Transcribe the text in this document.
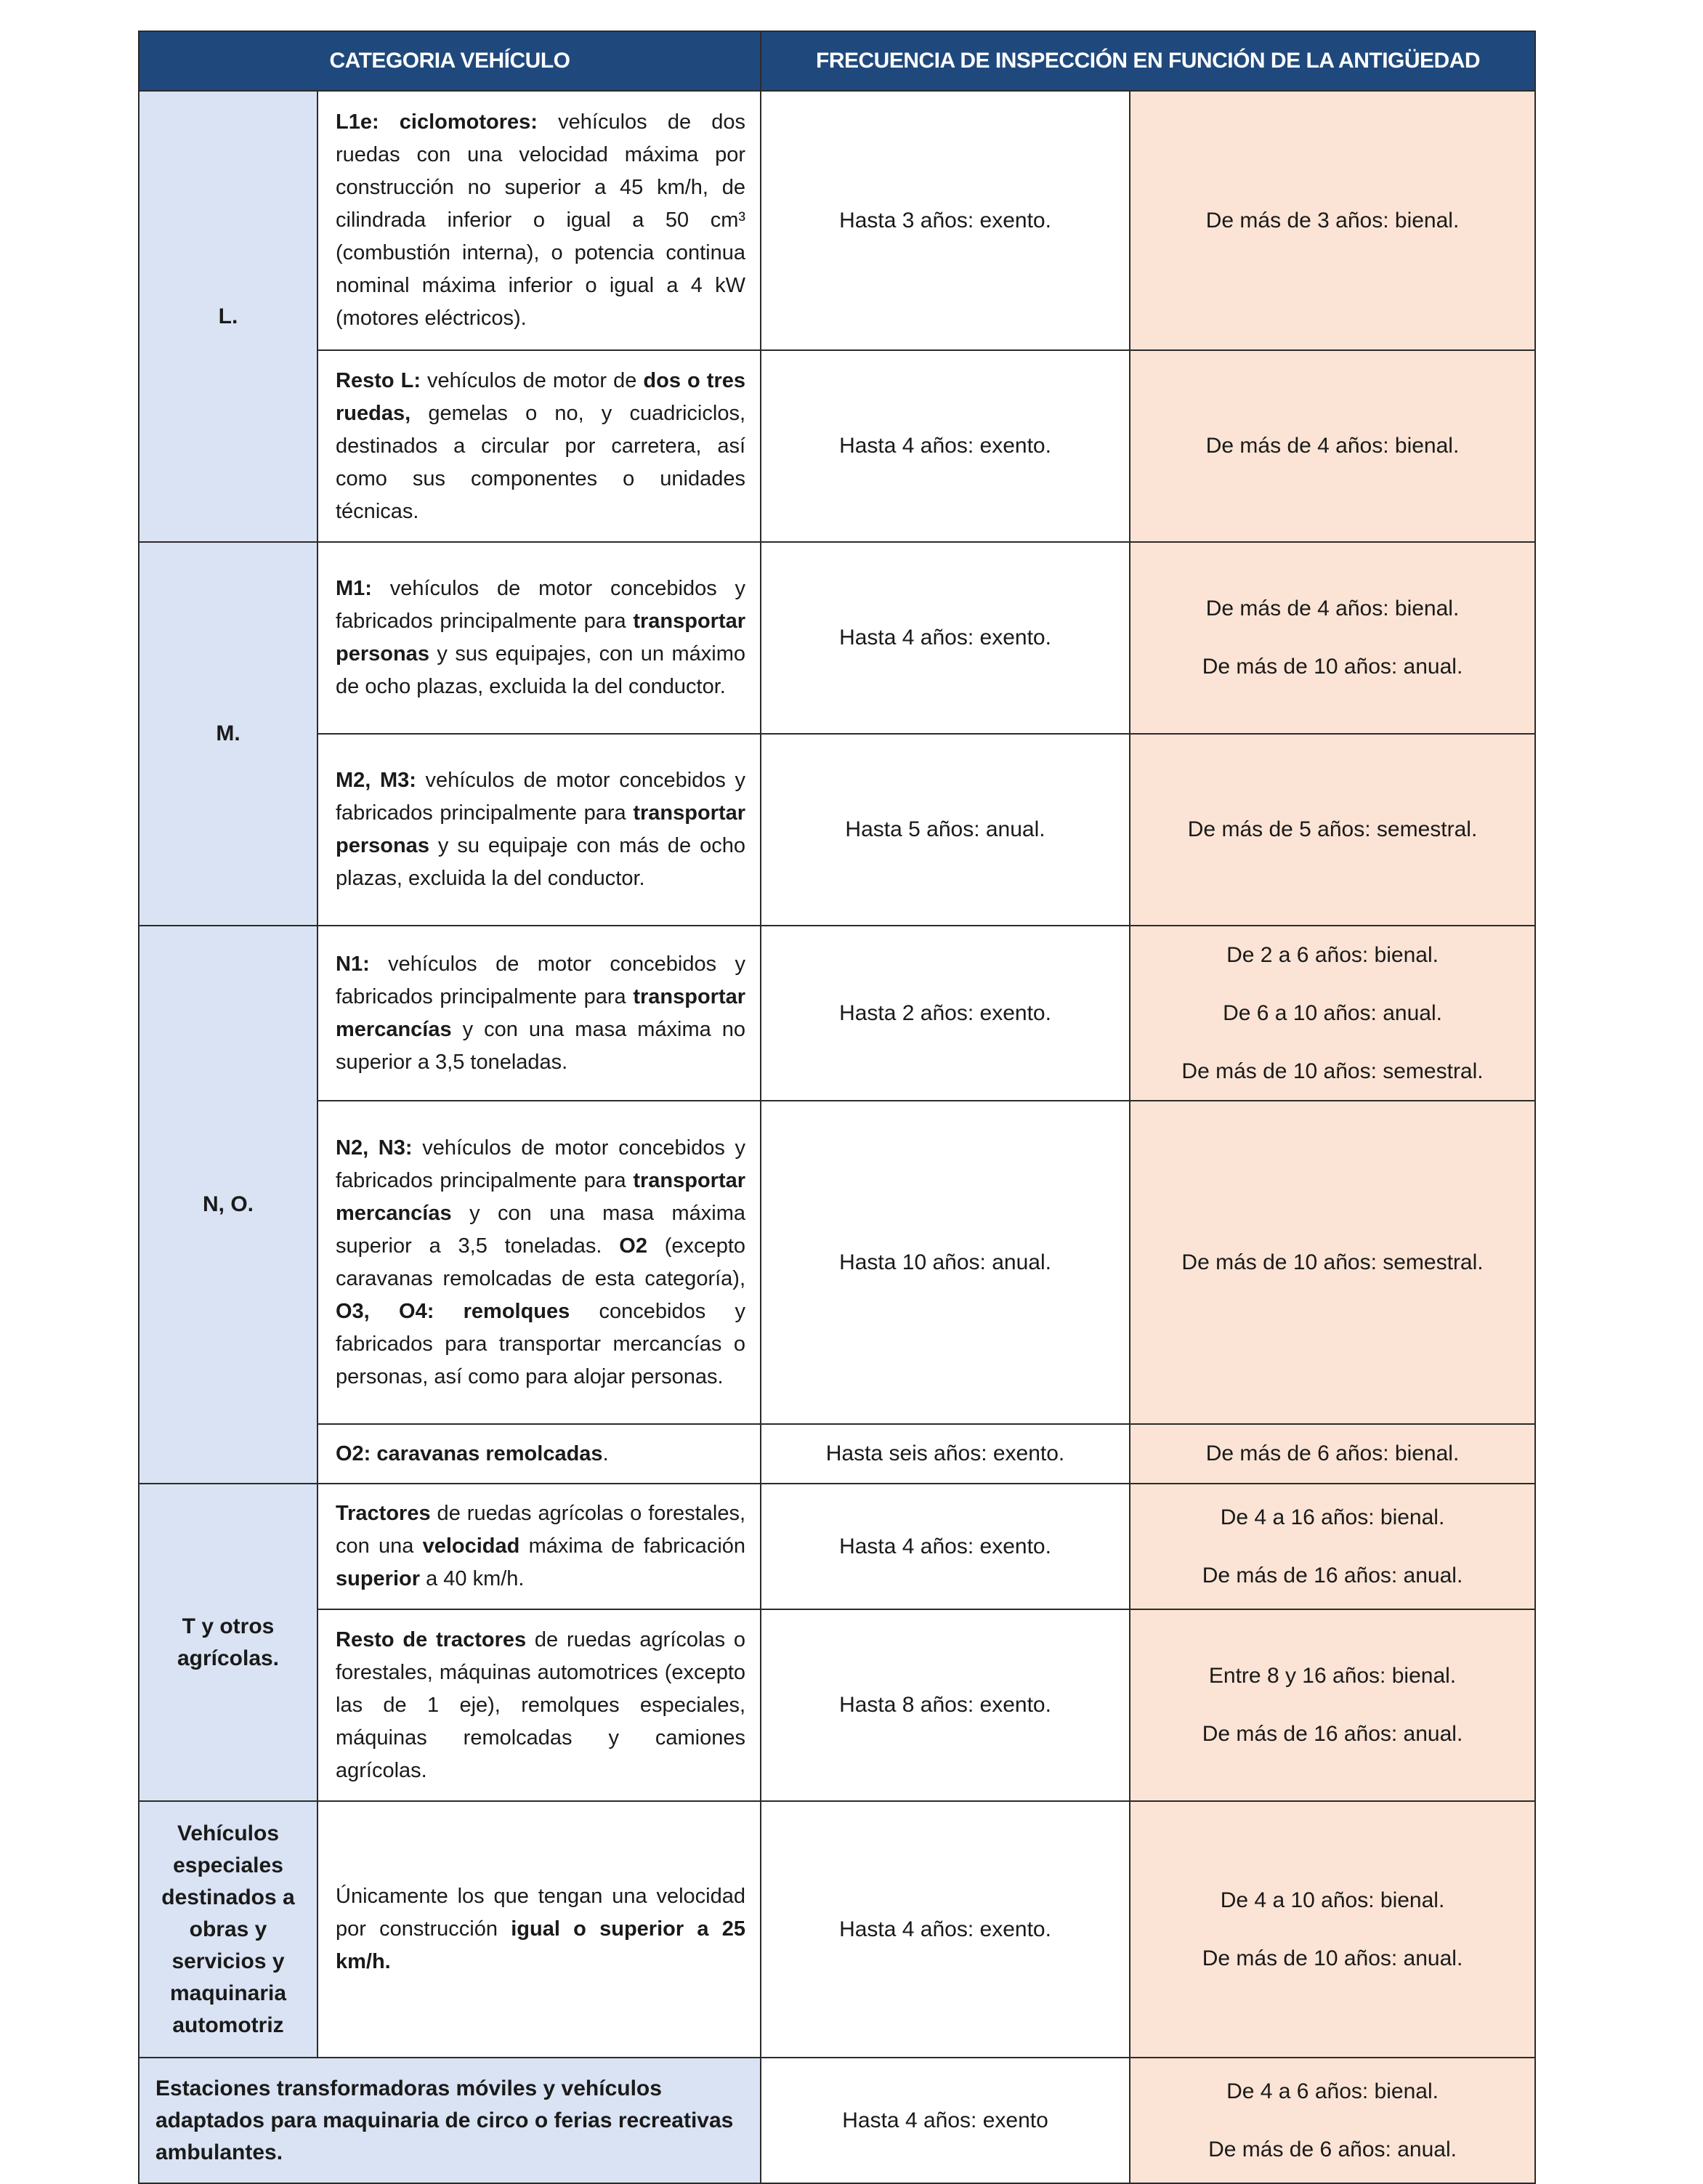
CATEGORIA VEHÍCULO		FRECUENCIA DE INSPECCIÓN EN FUNCIÓN DE LA ANTIGÜEDAD	
L.	L1e: ciclomotores: vehículos de dos ruedas con una velocidad máxima por construcción no superior a 45 km/h, de cilindrada inferior o igual a 50 cm³ (combustión interna), o potencia continua nominal máxima inferior o igual a 4 kW (motores eléctricos).	Hasta 3 años: exento.	De más de 3 años: bienal.

	Resto L: vehículos de motor de dos o tres ruedas, gemelas o no, y cuadriciclos, destinados a circular por carretera, así como sus componentes o unidades técnicas.	Hasta 4 años: exento.	De más de 4 años: bienal.

M.	M1: vehículos de motor concebidos y fabricados principalmente para transportar personas y sus equipajes, con un máximo de ocho plazas, excluida la del conductor.	Hasta 4 años: exento.	De más de 4 años: bienal.
De más de 10 años: anual.

	M2, M3: vehículos de motor concebidos y fabricados principalmente para transportar personas y su equipaje con más de ocho plazas, excluida la del conductor.	Hasta 5 años: anual.	De más de 5 años: semestral.

N, O.	N1: vehículos de motor concebidos y fabricados principalmente para transportar mercancías y con una masa máxima no superior a 3,5 toneladas.	Hasta 2 años: exento.	De 2 a 6 años: bienal.
De 6 a 10 años: anual.
De más de 10 años: semestral.

	N2, N3: vehículos de motor concebidos y fabricados principalmente para transportar mercancías y con una masa máxima superior a 3,5 toneladas. O2 (excepto caravanas remolcadas de esta categoría), O3, O4: remolques concebidos y fabricados para transportar mercancías o personas, así como para alojar personas.	Hasta 10 años: anual.	De más de 10 años: semestral.

	O2: caravanas remolcadas.	Hasta seis años: exento.	De más de 6 años: bienal.

T y otros agrícolas.	Tractores de ruedas agrícolas o forestales, con una velocidad máxima de fabricación superior a 40 km/h.	Hasta 4 años: exento.	De 4 a 16 años: bienal.
De más de 16 años: anual.

	Resto de tractores de ruedas agrícolas o forestales, máquinas automotrices (excepto las de 1 eje), remolques especiales, máquinas remolcadas y camiones agrícolas.	Hasta 8 años: exento.	Entre 8 y 16 años: bienal.
De más de 16 años: anual.

Vehículos especiales destinados a obras y servicios y maquinaria automotriz	Únicamente los que tengan una velocidad por construcción igual o superior a 25 km/h.	Hasta 4 años: exento.	De 4 a 10 años: bienal.
De más de 10 años: anual.

Estaciones transformadoras móviles y vehículos adaptados para maquinaria de circo o ferias recreativas ambulantes.		Hasta 4 años: exento	De 4 a 6 años: bienal.
De más de 6 años: anual.
